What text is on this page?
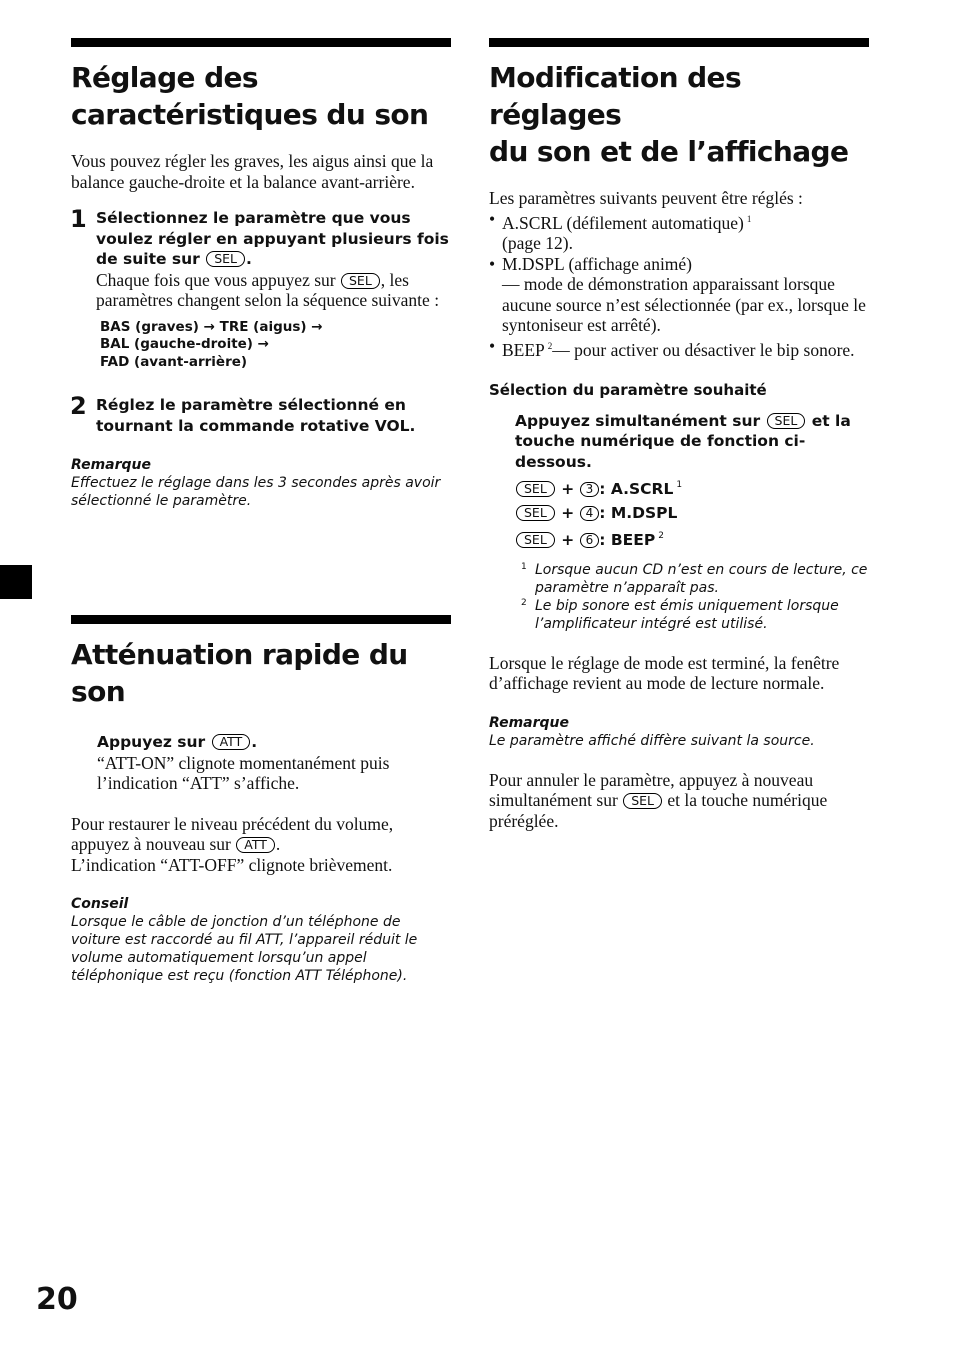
Réglage des
caractéristiques du son

Vous pouvez régler les graves, les aigus ainsi que la balance gauche-droite et la balance avant-arrière.

1 Sélectionnez le paramètre que vous voulez régler en appuyant plusieurs fois de suite sur SEL .
Chaque fois que vous appuyez sur SEL , les paramètres changent selon la séquence suivante :
BAS (graves) → TRE (aigus) →
BAL (gauche-droite) →
FAD (avant-arrière)
2 Réglez le paramètre sélectionné en tournant la commande rotative VOL.
Remarque
Effectuez le réglage dans les 3 secondes après avoir sélectionné le paramètre.
Atténuation rapide du son
Appuyez sur ATT .
“ATT-ON” clignote momentanément puis l’indication “ATT” s’affiche.

Pour restaurer le niveau précédent du volume, appuyez à nouveau sur ATT .
L’indication “ATT-OFF” clignote brièvement.

Conseil
Lorsque le câble de jonction d’un téléphone de voiture est raccordé au fil ATT, l’appareil réduit le volume automatiquement lorsqu’un appel téléphonique est reçu (fonction ATT Téléphone).
Modification des réglages
du son et de l’affichage
Les paramètres suivants peuvent être réglés :
• A.SCRL (défilement automatique) $^1$
(page 12).
• M.DSPL (affichage animé)
— mode de démonstration apparaissant lorsque aucune source n’est sélectionnée (par ex., lorsque le syntoniseur est arrêté).
• BEEP $^2$— pour activer ou désactiver le bip sonore.
Sélection du paramètre souhaité
Appuyez simultanément sur SEL et la touche numérique de fonction ci-dessous.
SEL + 3 : A.SCRL $^1$
SEL + 4 : M.DSPL
SEL + 6 : BEEP $^2$
1 Lorsque aucun CD n’est en cours de lecture, ce paramètre n’apparaît pas.
2 Le bip sonore est émis uniquement lorsque l’amplificateur intégré est utilisé.

Lorsque le réglage de mode est terminé, la fenêtre d’affichage revient au mode de lecture normale.

Remarque
Le paramètre affiché diffère suivant la source.

Pour annuler le paramètre, appuyez à nouveau simultanément sur SEL et la touche numérique préréglée.

20
